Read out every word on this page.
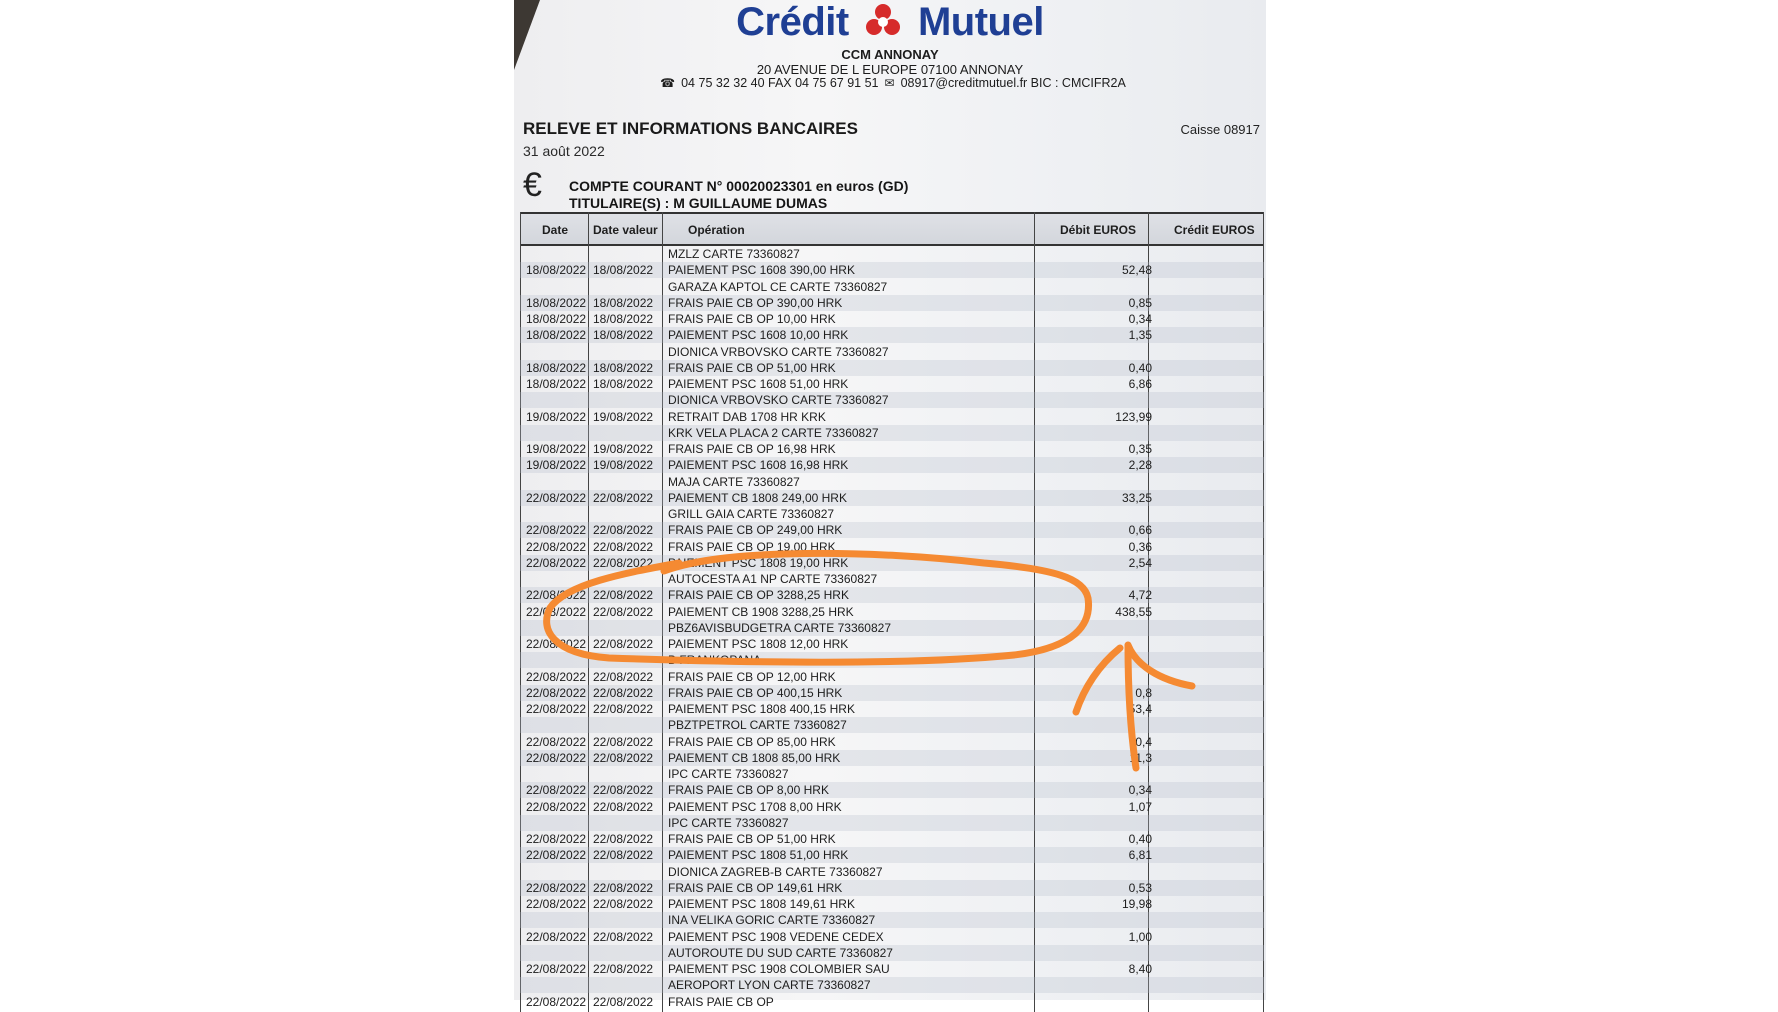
Crédit Mutuel
CCM ANNONAY
20 AVENUE DE L EUROPE 07100 ANNONAY
☎ 04 75 32 32 40 FAX 04 75 67 91 51 ✉ 08917@creditmutuel.fr BIC : CMCIFR2A
RELEVE ET INFORMATIONS BANCAIRES
31 août 2022
Caisse 08917
€ COMPTE COURANT N° 00020023301 en euros (GD)
TITULAIRE(S) : M GUILLAUME DUMAS
Date Date valeur	Opération	Débit EUROS	Crédit EUROS
MZLZ CARTE 73360827
18/08/2022 18/08/2022 PAIEMENT PSC 1608 390,00 HRK	52,48
GARAZA KAPTOL CE CARTE 73360827
18/08/2022 18/08/2022 FRAIS PAIE CB OP 390,00 HRK	0,85
18/08/2022 18/08/2022 FRAIS PAIE CB OP 10,00 HRK	0,34
18/08/2022 18/08/2022 PAIEMENT PSC 1608 10,00 HRK	1,35
DIONICA VRBOVSKO CARTE 73360827
18/08/2022 18/08/2022 FRAIS PAIE CB OP 51,00 HRK	0,40
18/08/2022 18/08/2022 PAIEMENT PSC 1608 51,00 HRK	6,86
DIONICA VRBOVSKO CARTE 73360827
19/08/2022 19/08/2022 RETRAIT DAB 1708 HR KRK	123,99
KRK VELA PLACA 2 CARTE 73360827
19/08/2022 19/08/2022 FRAIS PAIE CB OP 16,98 HRK	0,35
19/08/2022 19/08/2022 PAIEMENT PSC 1608 16,98 HRK	2,28
MAJA CARTE 73360827
22/08/2022 22/08/2022 PAIEMENT CB 1808 249,00 HRK	33,25
GRILL GAIA CARTE 73360827
22/08/2022 22/08/2022 FRAIS PAIE CB OP 249,00 HRK	0,66
22/08/2022 22/08/2022 FRAIS PAIE CB OP 19,00 HRK	0,36
22/08/2022 22/08/2022 PAIEMENT PSC 1808 19,00 HRK	2,54
AUTOCESTA A1 NP CARTE 73360827
22/08/2022 22/08/2022 FRAIS PAIE CB OP 3288,25 HRK	4,72
22/08/2022 22/08/2022 PAIEMENT CB 1908 3288,25 HRK	438,55
PBZ6AVISBUDGETRA CARTE 73360827
22/08/2022 22/08/2022 PAIEMENT PSC 1808 12,00 HRK
B FRANKOPANA
22/08/2022 22/08/2022 FRAIS PAIE CB OP 12,00 HRK
22/08/2022 22/08/2022 FRAIS PAIE CB OP 400,15 HRK	0,8
22/08/2022 22/08/2022 PAIEMENT PSC 1808 400,15 HRK	53,4
PBZTPETROL CARTE 73360827
22/08/2022 22/08/2022 FRAIS PAIE CB OP 85,00 HRK	0,4
22/08/2022 22/08/2022 PAIEMENT CB 1808 85,00 HRK	11,3
IPC CARTE 73360827
22/08/2022 22/08/2022 FRAIS PAIE CB OP 8,00 HRK	0,34
22/08/2022 22/08/2022 PAIEMENT PSC 1708 8,00 HRK	1,07
IPC CARTE 73360827
22/08/2022 22/08/2022 FRAIS PAIE CB OP 51,00 HRK	0,40
22/08/2022 22/08/2022 PAIEMENT PSC 1808 51,00 HRK	6,81
DIONICA ZAGREB-B CARTE 73360827
22/08/2022 22/08/2022 FRAIS PAIE CB OP 149,61 HRK	0,53
22/08/2022 22/08/2022 PAIEMENT PSC 1808 149,61 HRK	19,98
INA VELIKA GORIC CARTE 73360827
22/08/2022 22/08/2022 PAIEMENT PSC 1908 VEDENE CEDEX	1,00
AUTOROUTE DU SUD CARTE 73360827
22/08/2022 22/08/2022 PAIEMENT PSC 1908 COLOMBIER SAU	8,40
AEROPORT LYON CARTE 73360827
22/08/2022 22/08/2022 FRAIS PAIE CB OP
